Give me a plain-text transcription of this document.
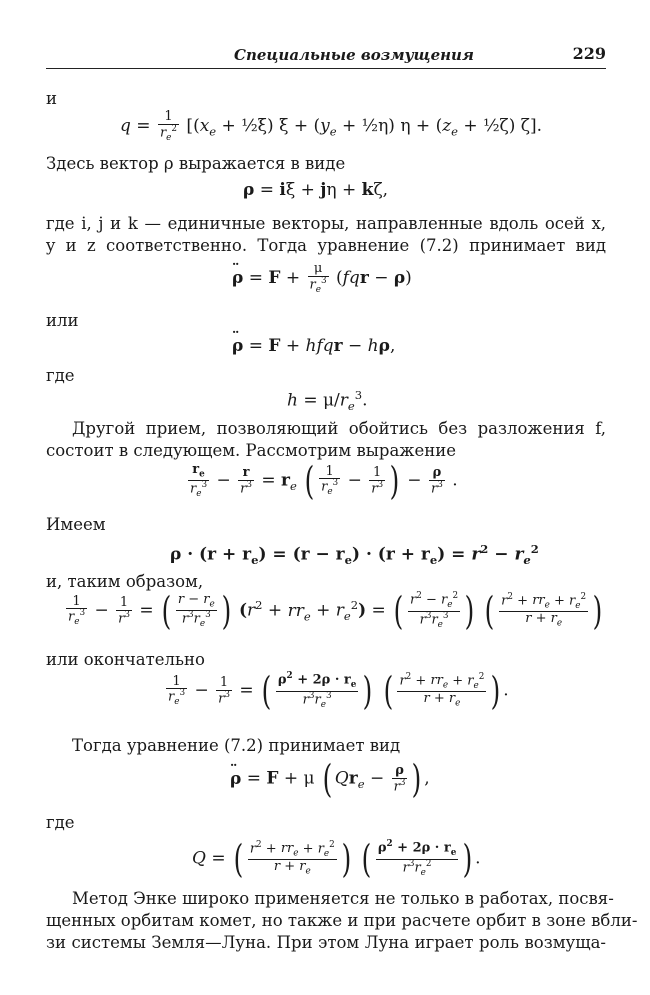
Специальные возмущения	229
и
$q = \frac{1}{r_e^2} [(x_e$ + ½ξ) $\xi + (y_e$ + ½η) $\eta + (z_e$ + ½ζ) ζ].
Здесь вектор ρ выражается в виде
ρ = iξ + jη + kζ,
где i, j и k — единичные векторы, направленные вдоль осей x,
y и z соответственно. Тогда уравнение (7.2) принимает вид
·· $\rho = F + \frac{\mu}{r_e^3} (fqr - \rho)$
или
·· ρ = F + hfqr − hρ,
где
$h = \mu/r_e^3$.
Другой прием, позволяющий обойтись без разложения f,
состоит в следующем. Рассмотрим выражение
$\frac{r_e}{r_e^3} - \frac{r}{r^3} = r_e$ ( $\frac{1}{r_e^3} - \frac{1}{r^3}$ ) − $\frac{\rho}{r^3}$ .
Имеем
$\rho \cdot (r + r_e) = (r - r_e) \cdot (r + r_e) = r^2 - r_e^2$
и, таким образом,
$\frac{1}{r_e^3} - \frac{1}{r^3}$ = ( $\frac{r - r_e}{r^3r_e^3}$ ) $(r^2 + rr_e + r_e^2)$ = ( $\frac{r^2 - r_e^2}{r^3r_e^3}$ ) ( $\frac{r^2 + rr_e + r_e^2}{r + r_e}$ )
или окончательно
$\frac{1}{r_e^3} - \frac{1}{r^3}$ = ( $\frac{\rho^2 + 2\rho \cdot r_e}{r^3r_e^3}$ ) ( $\frac{r^2 + rr_e + r_e^2}{r + r_e}$ ) .
Тогда уравнение (7.2) принимает вид
·· ρ = F + μ ( $Qr_e - \frac{\rho}{r^3}$ ) ,
где
Q = ( $\frac{r^2 + rr_e + r_e^2}{r + r_e}$ ) ( $\frac{\rho^2 + 2\rho \cdot r_e}{r^3r_e^2}$ ) .
Метод Энке широко применяется не только в работах, посвя-
щенных орбитам комет, но также и при расчете орбит в зоне вбли-
зи системы Земля—Луна. При этом Луна играет роль возмуща-
